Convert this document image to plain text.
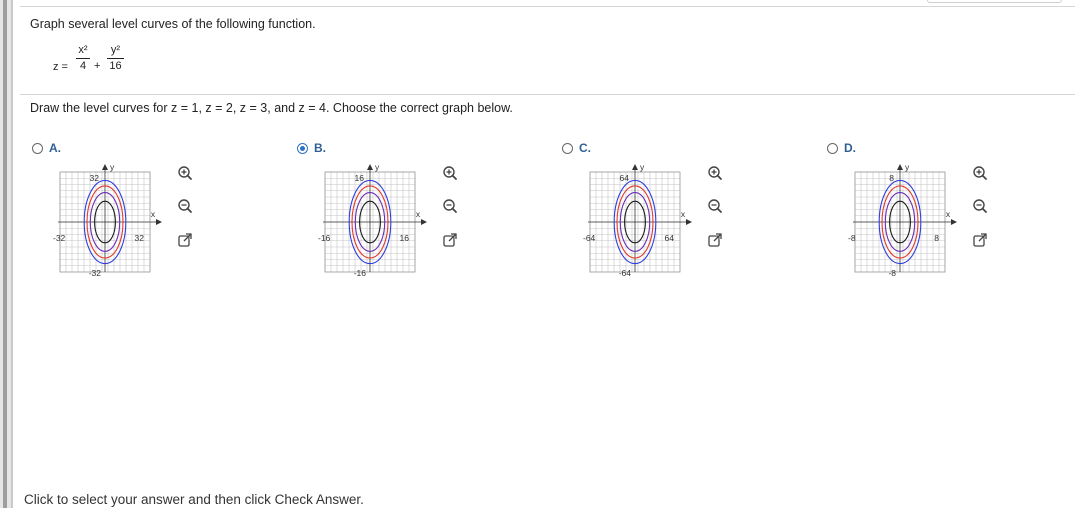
Graph several level curves of the following function.
z =
x²
4 +
y²
16
Draw the level curves for z = 1, z = 2, z = 3, and z = 4. Choose the correct graph below.
A.	B.	C.	D.
y
x
32
-32
-32	32
y
x
16
-16
-16	16
y
x
64
-64
-64	64
y
x
8
-8
-8	8
Click to select your answer and then click Check Answer.
